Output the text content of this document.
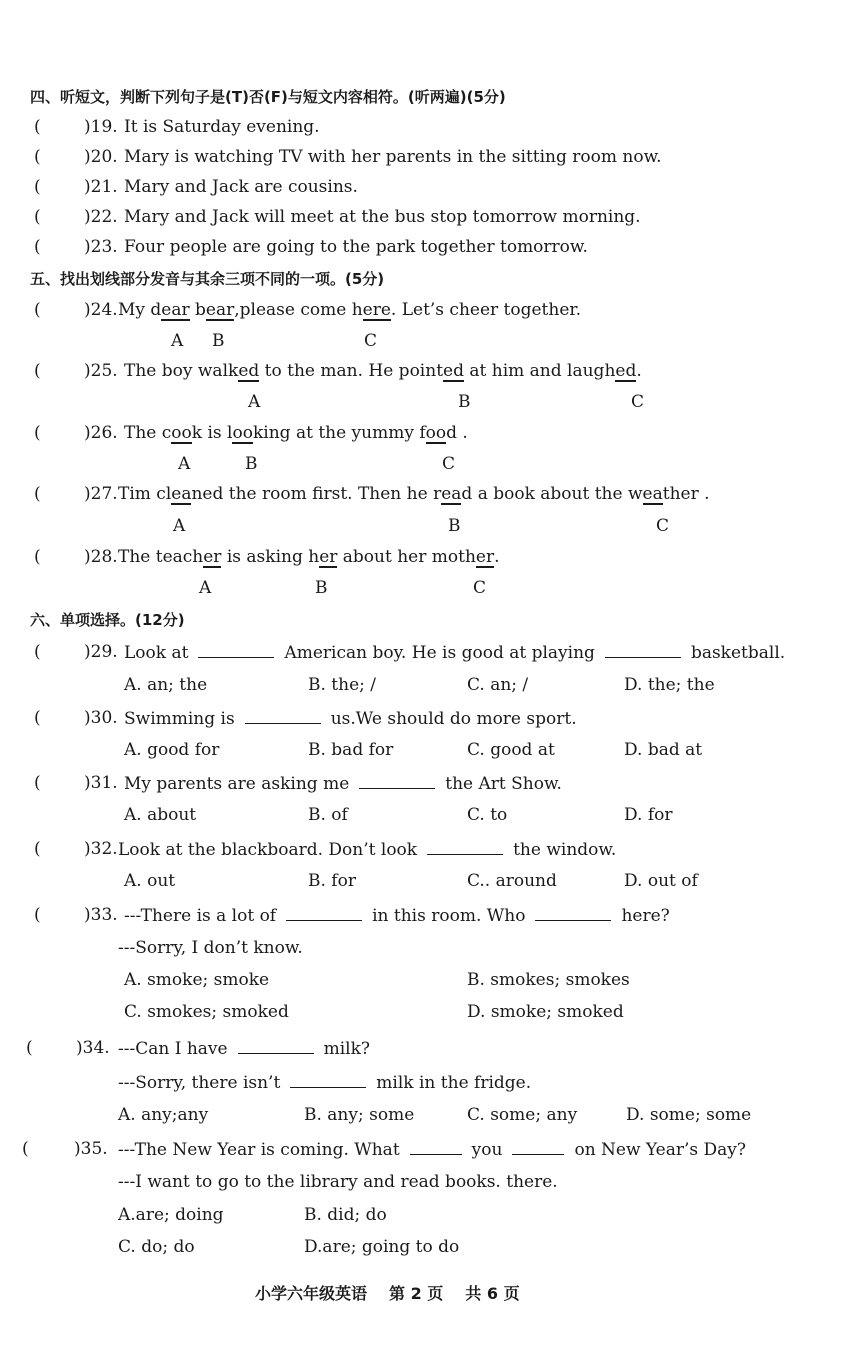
四、听短文，判断下列句子是(T)否(F)与短文内容相符。(听两遍)(5分)
(	)19. It is Saturday evening.
(	)20. Mary is watching TV with her parents in the sitting room now.
(	)21. Mary and Jack are cousins.
(	)22. Mary and Jack will meet at the bus stop tomorrow morning.
(	)23. Four people are going to the park together tomorrow.
五、找出划线部分发音与其余三项不同的一项。(5分)
(	)24. My dear bear,please come here. Let’s cheer together.
A B	C
(	)25. The boy walked to the man. He pointed at him and laughed.
A	B	C
(	)26. The cook is looking at the yummy food .
A	B	C
(	)27. Tim cleaned the room first. Then he read a book about the weather .
A	B	C
(	)28. The teacher is asking her about her mother.
A	B	C
六、单项选择。(12分)
(	)29. Look at	American boy. He is good at playing	basketball.
A. an; the	B. the; /	C. an; /	D. the; the
(	)30. Swimming is	us.We should do more sport.
A. good for	B. bad for	C. good at	D. bad at
(	)31. My parents are asking me	the Art Show.
A. about	B. of	C. to	D. for
(	)32. Look at the blackboard. Don’t look	the window.
A. out	B. for	C.. around	D. out of
(	)33. ---There is a lot of	in this room. Who	here?
---Sorry, I don’t know.
A. smoke; smoke	B. smokes; smokes
C. smokes; smoked	D. smoke; smoked
(	)34. ---Can I have	milk?
---Sorry, there isn’t	milk in the fridge.
A. any;any	B. any; some	C. some; any	D. some; some
(	)35. ---The New Year is coming. What	you	on New Year’s Day?
---I want to go to the library and read books. there.
A.are; doing	B. did; do
C. do; do	D.are; going to do
小学六年级英语 第 2 页 共 6 页
